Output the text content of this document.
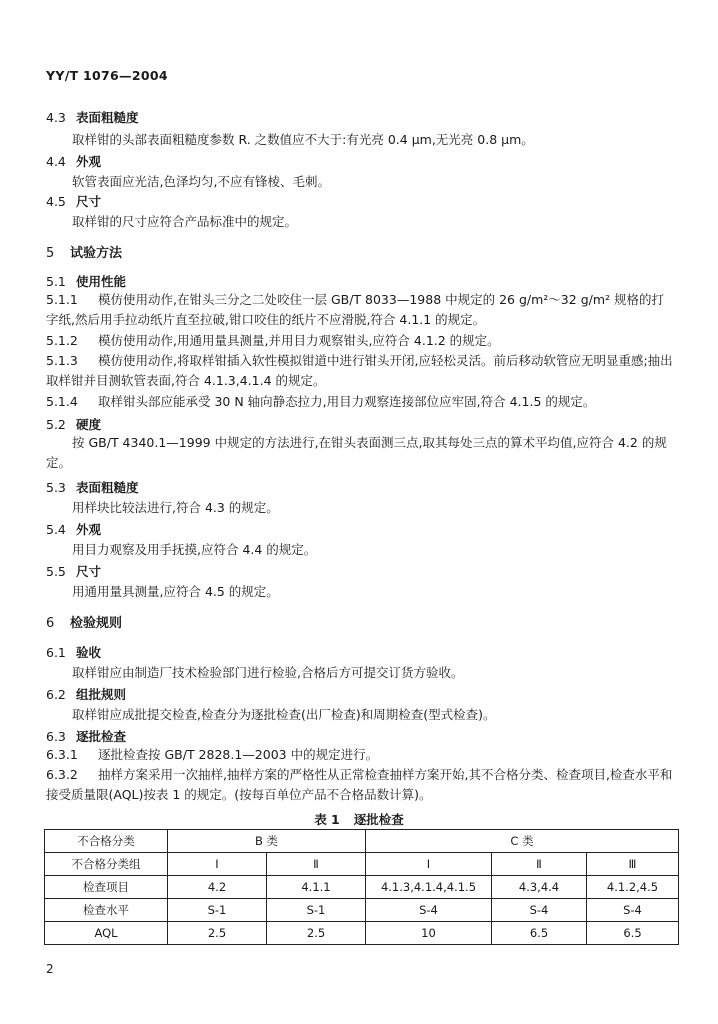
YY/T 1076—2004
4.3 表面粗糙度
取样钳的头部表面粗糙度参数 R. 之数值应不大于:有光亮 0.4 μm,无光亮 0.8 μm。
4.4 外观
软管表面应光洁,色泽均匀,不应有锋棱、毛刺。
4.5 尺寸
取样钳的尺寸应符合产品标准中的规定。
5 试验方法
5.1 使用性能
5.1.1 模仿使用动作,在钳头三分之二处咬住一层 GB/T 8033—1988 中规定的 26 g/m²～32 g/m² 规格的打字纸,然后用手拉动纸片直至拉破,钳口咬住的纸片不应滑脱,符合 4.1.1 的规定。
5.1.2 模仿使用动作,用通用量具测量,并用目力观察钳头,应符合 4.1.2 的规定。
5.1.3 模仿使用动作,将取样钳插入软性模拟钳道中进行钳头开闭,应轻松灵活。前后移动软管应无明显重感;抽出取样钳并目测软管表面,符合 4.1.3,4.1.4 的规定。
5.1.4 取样钳头部应能承受 30 N 轴向静态拉力,用目力观察连接部位应牢固,符合 4.1.5 的规定。
5.2 硬度
按 GB/T 4340.1—1999 中规定的方法进行,在钳头表面测三点,取其每处三点的算术平均值,应符合 4.2 的规定。
5.3 表面粗糙度
用样块比较法进行,符合 4.3 的规定。
5.4 外观
用目力观察及用手抚摸,应符合 4.4 的规定。
5.5 尺寸
用通用量具测量,应符合 4.5 的规定。
6 检验规则
6.1 验收
取样钳应由制造厂技术检验部门进行检验,合格后方可提交订货方验收。
6.2 组批规则
取样钳应成批提交检查,检查分为逐批检查(出厂检查)和周期检查(型式检查)。
6.3 逐批检查
6.3.1 逐批检查按 GB/T 2828.1—2003 中的规定进行。
6.3.2 抽样方案采用一次抽样,抽样方案的严格性从正常检查抽样方案开始,其不合格分类、检查项目,检查水平和接受质量限(AQL)按表 1 的规定。(按每百单位产品不合格品数计算)。
表 1 逐批检查
不合格分类	B 类		C 类		
不合格分类组	Ⅰ	Ⅱ	Ⅰ	Ⅱ	Ⅲ
检查项目	4.2	4.1.1	4.1.3,4.1.4,4.1.5	4.3,4.4	4.1.2,4.5
检查水平	S-1	S-1	S-4	S-4	S-4
AQL	2.5	2.5	10	6.5	6.5
2
